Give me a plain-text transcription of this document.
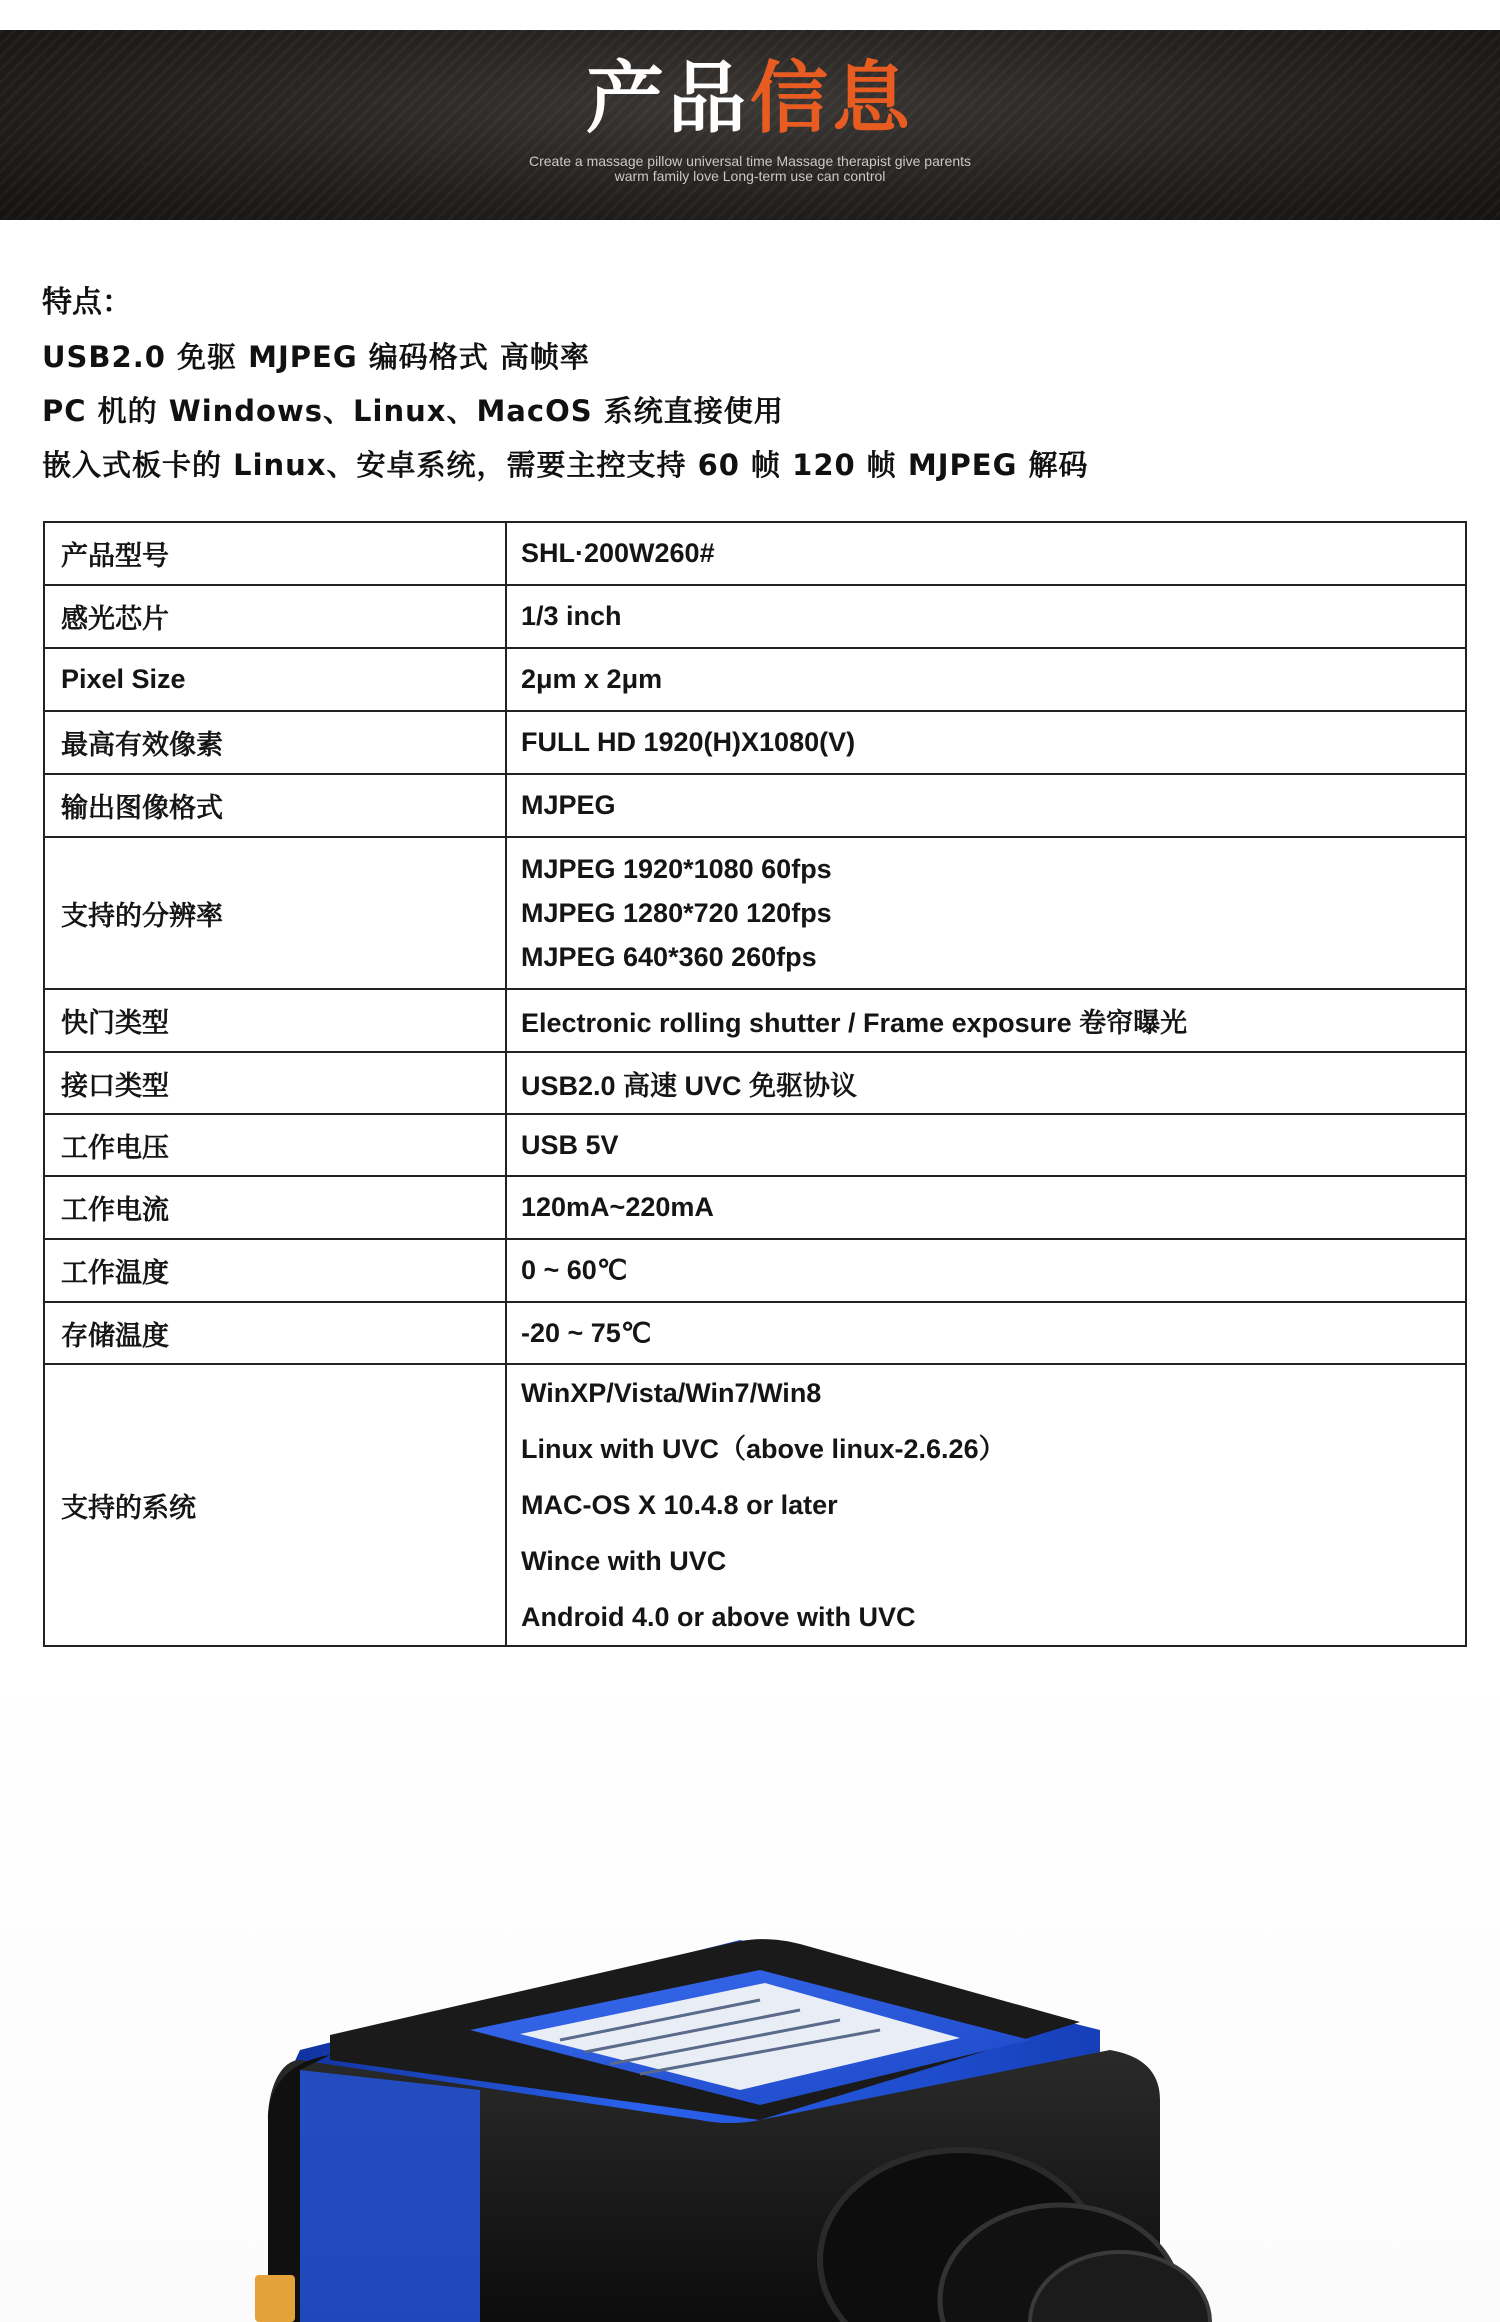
产品信息
Create a massage pillow universal time Massage therapist give parents
warm family love Long-term use can control
特点：
USB2.0 免驱 MJPEG 编码格式 高帧率
PC 机的 Windows、Linux、MacOS 系统直接使用
嵌入式板卡的 Linux、安卓系统，需要主控支持 60 帧 120 帧 MJPEG 解码
产品型号	SHL·200W260#
感光芯片	1/3 inch
Pixel Size	2μm x 2μm
最高有效像素	FULL HD 1920(H)X1080(V)
输出图像格式	MJPEG
支持的分辨率	MJPEG 1920*1080 60fps
MJPEG 1280*720 120fps
MJPEG 640*360 260fps

快门类型	Electronic rolling shutter / Frame exposure 卷帘曝光
接口类型	USB2.0 高速 UVC 免驱协议
工作电压	USB 5V
工作电流	120mA~220mA
工作温度	0 ~ 60℃
存储温度	-20 ~ 75℃
支持的系统	WinXP/Vista/Win7/Win8
Linux with UVC（above linux-2.6.26）
MAC-OS X 10.4.8 or later
Wince with UVC
Android 4.0 or above with UVC
